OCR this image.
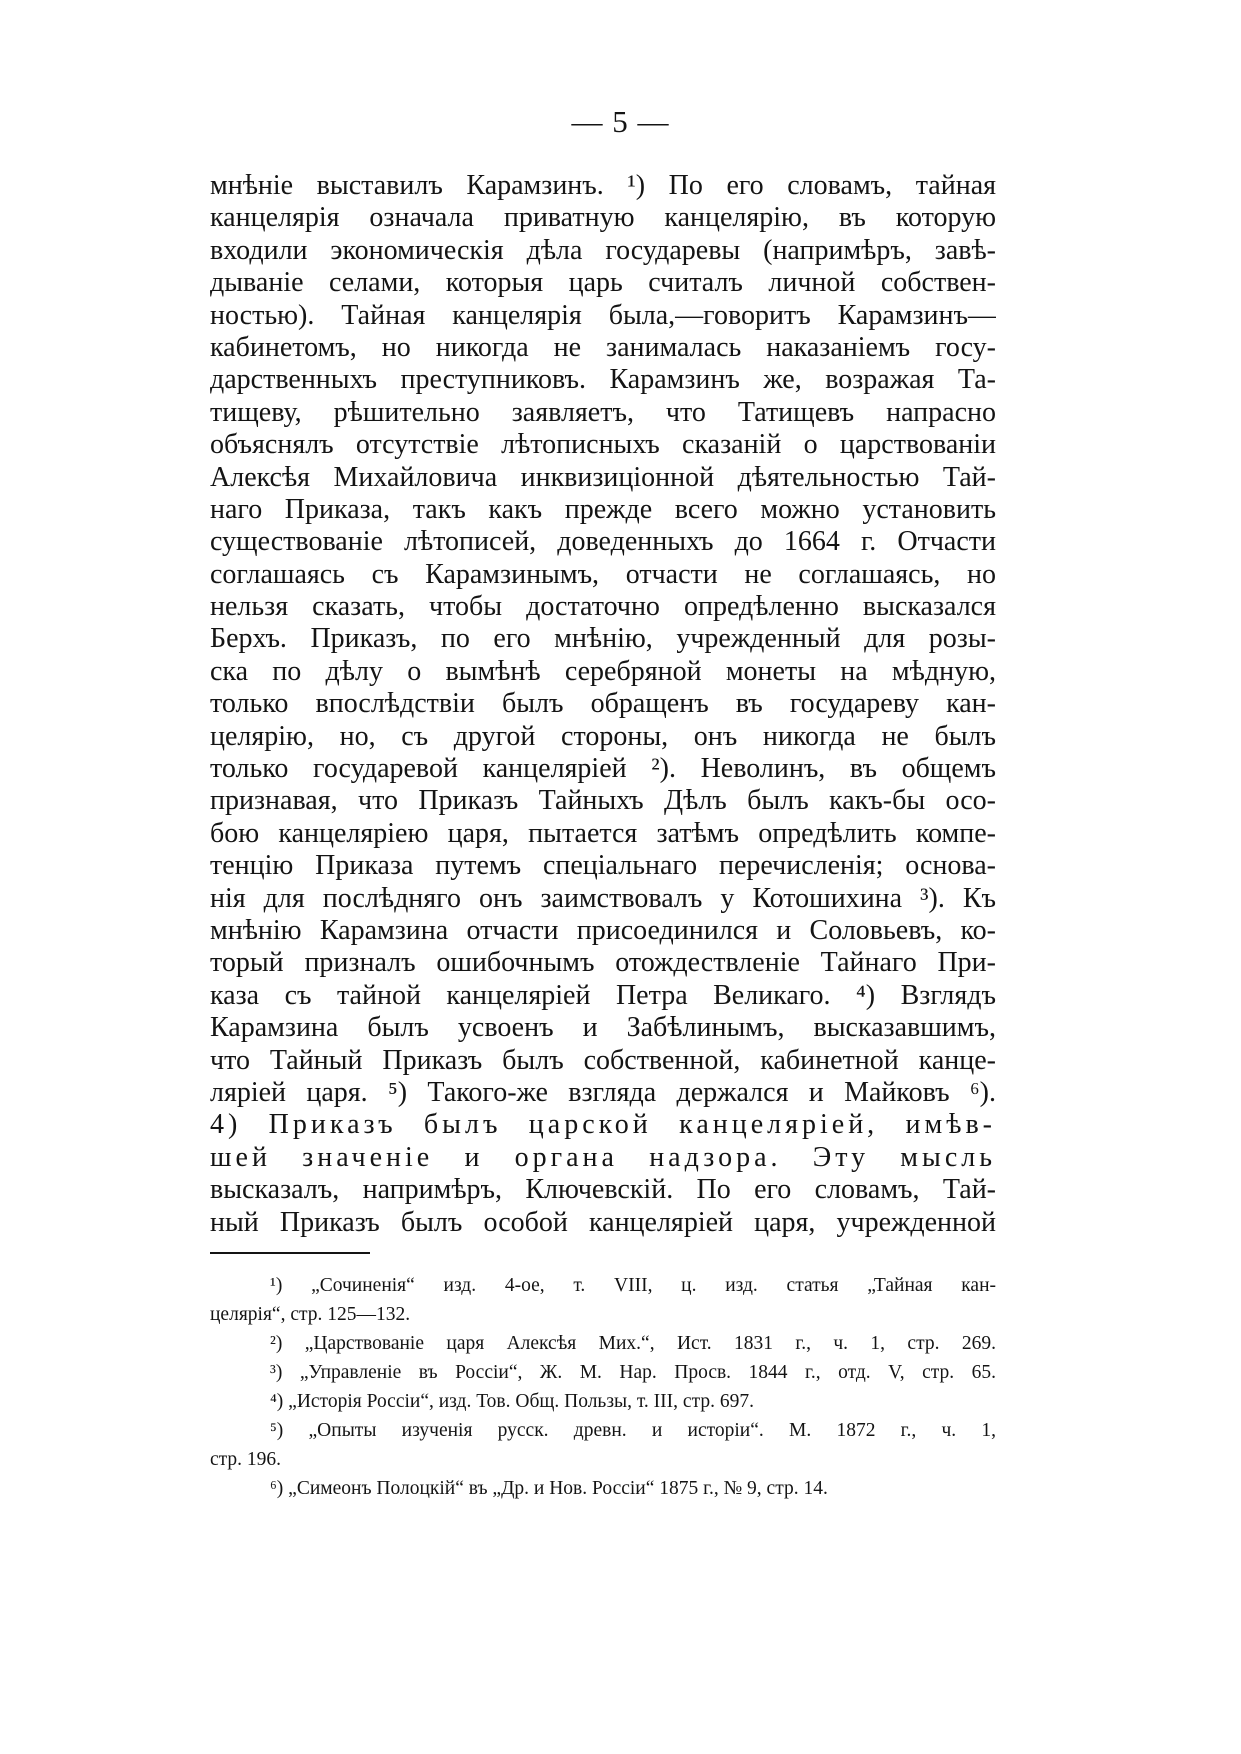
— 5 —
мнѣніе выставилъ Карамзинъ. ¹) По его словамъ, тайная
канцелярія означала приватную канцелярію, въ которую
входили экономическія дѣла государевы (напримѣръ, завѣ-
дываніе селами, которыя царь считалъ личной собствен-
ностью). Тайная канцелярія была,—говоритъ Карамзинъ—
кабинетомъ, но никогда не занималась наказаніемъ госу-
дарственныхъ преступниковъ. Карамзинъ же, возражая Та-
тищеву, рѣшительно заявляетъ, что Татищевъ напрасно
объяснялъ отсутствіе лѣтописныхъ сказаній о царствованіи
Алексѣя Михайловича инквизиціонной дѣятельностью Тай-
наго Приказа, такъ какъ прежде всего можно установить
существованіе лѣтописей, доведенныхъ до 1664 г. Отчасти
соглашаясь съ Карамзинымъ, отчасти не соглашаясь, но
нельзя сказать, чтобы достаточно опредѣленно высказался
Берхъ. Приказъ, по его мнѣнію, учрежденный для розы-
ска по дѣлу о вымѣнѣ серебряной монеты на мѣдную,
только впослѣдствіи былъ обращенъ въ государеву кан-
целярію, но, съ другой стороны, онъ никогда не былъ
только государевой канцеляріей ²). Неволинъ, въ общемъ
признавая, что Приказъ Тайныхъ Дѣлъ былъ какъ-бы осо-
бою канцеляріею царя, пытается затѣмъ опредѣлить компе-
тенцію Приказа путемъ спеціальнаго перечисленія; основа-
нія для послѣдняго онъ заимствовалъ у Котошихина ³). Къ
мнѣнію Карамзина отчасти присоединился и Соловьевъ, ко-
торый призналъ ошибочнымъ отождествленіе Тайнаго При-
каза съ тайной канцеляріей Петра Великаго. ⁴) Взглядъ
Карамзина былъ усвоенъ и Забѣлинымъ, высказавшимъ,
что Тайный Приказъ былъ собственной, кабинетной канце-
ляріей царя. ⁵) Такого-же взгляда держался и Майковъ ⁶).
4) Приказъ былъ царской канцеляріей, имѣв-
шей значеніе и органа надзора. Эту мысль
высказалъ, напримѣръ, Ключевскій. По его словамъ, Тай-
ный Приказъ былъ особой канцеляріей царя, учрежденной
¹) „Сочиненія“ изд. 4-ое, т. VIII, ц. изд. статья „Тайная кан-
целярія“, стр. 125—132.
²) „Царствованіе царя Алексѣя Мих.“, Ист. 1831 г., ч. 1, стр. 269.
³) „Управленіе въ Россіи“, Ж. М. Нар. Просв. 1844 г., отд. V, стр. 65.
⁴) „Исторія Россіи“, изд. Тов. Общ. Пользы, т. III, стр. 697.
⁵) „Опыты изученія русск. древн. и исторіи“. М. 1872 г., ч. 1,
стр. 196.
⁶) „Симеонъ Полоцкій“ въ „Др. и Нов. Россіи“ 1875 г., № 9, стр. 14.
